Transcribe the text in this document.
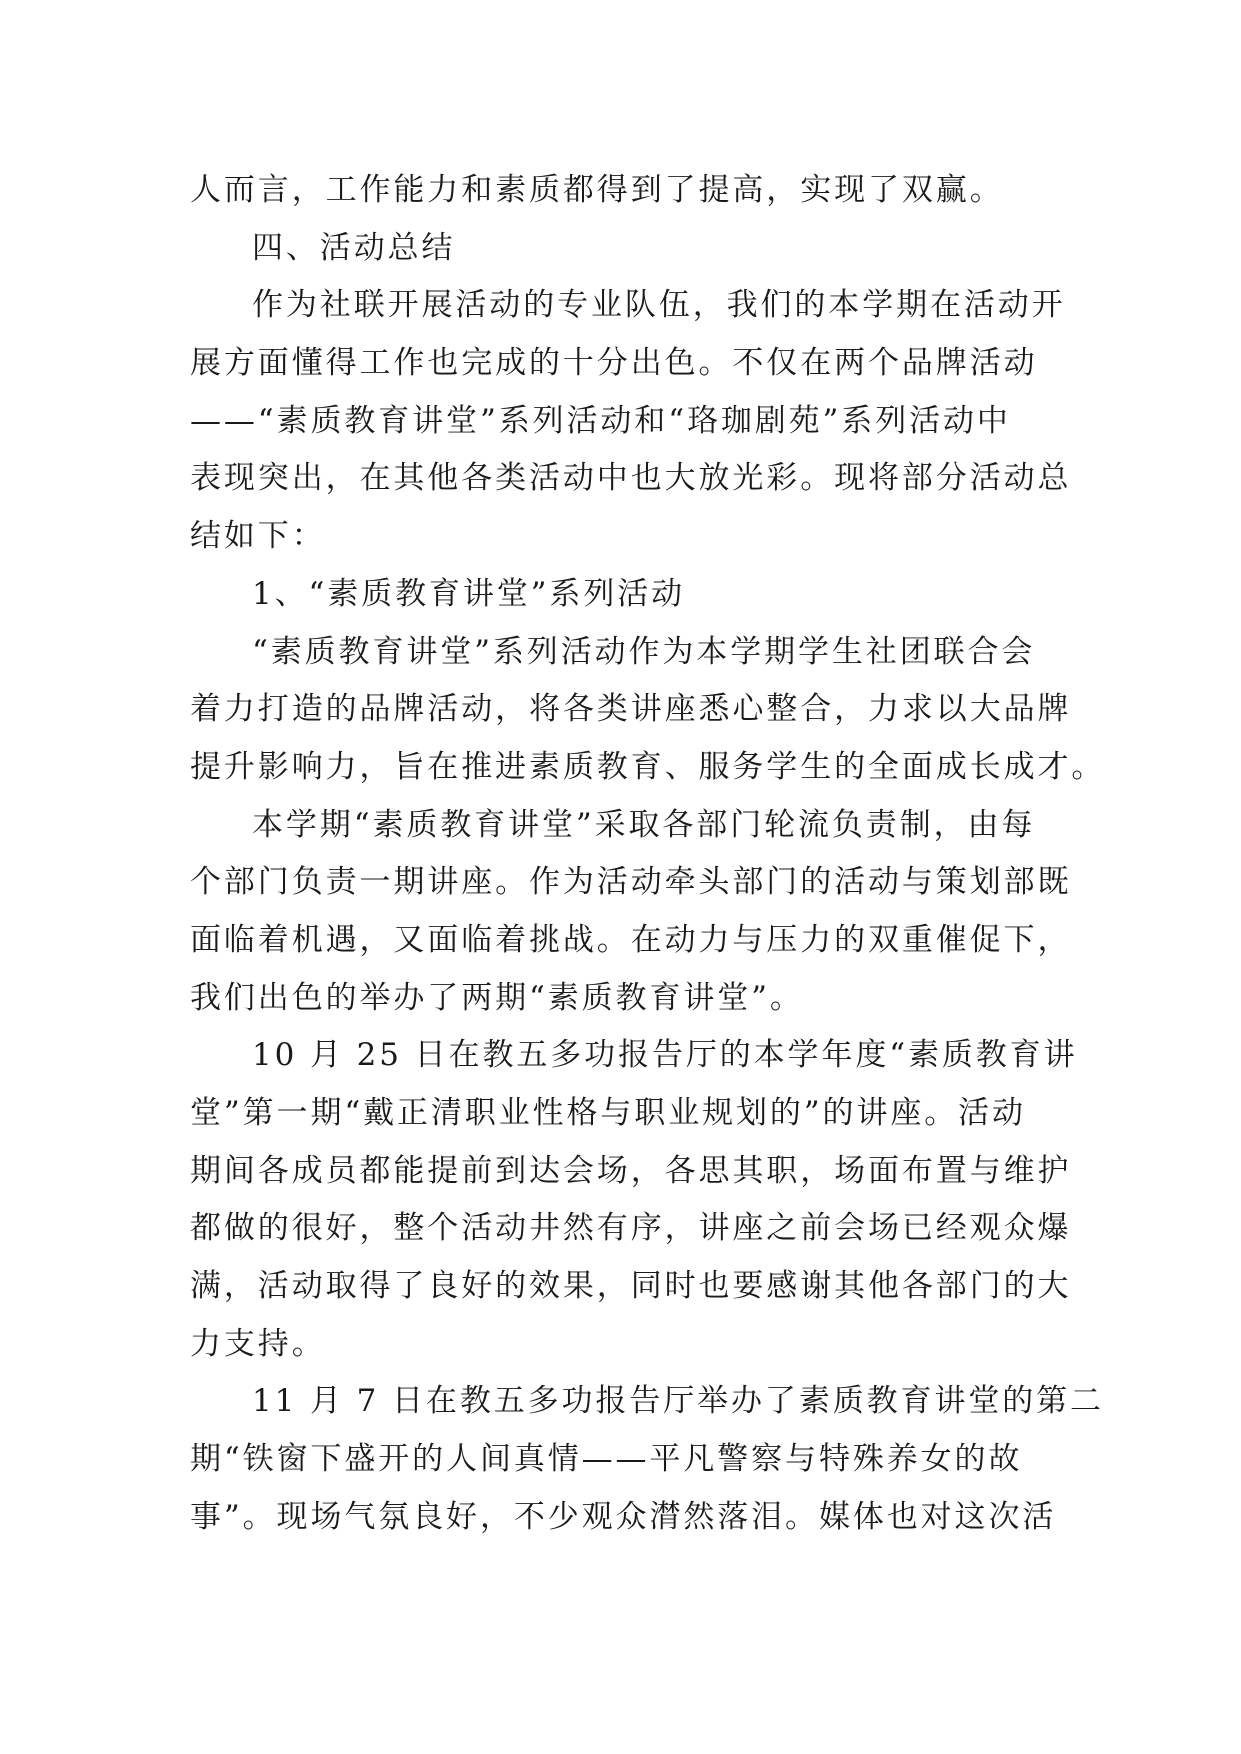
人而言，工作能力和素质都得到了提高，实现了双赢。
四、活动总结
作为社联开展活动的专业队伍，我们的本学期在活动开
展方面懂得工作也完成的十分出色。不仅在两个品牌活动
——“素质教育讲堂”系列活动和“珞珈剧苑”系列活动中
表现突出，在其他各类活动中也大放光彩。现将部分活动总
结如下：
1、“素质教育讲堂”系列活动
“素质教育讲堂”系列活动作为本学期学生社团联合会
着力打造的品牌活动，将各类讲座悉心整合，力求以大品牌
提升影响力，旨在推进素质教育、服务学生的全面成长成才。
本学期“素质教育讲堂”采取各部门轮流负责制，由每
个部门负责一期讲座。作为活动牵头部门的活动与策划部既
面临着机遇，又面临着挑战。在动力与压力的双重催促下，
我们出色的举办了两期“素质教育讲堂”。
10 月 25 日在教五多功报告厅的本学年度“素质教育讲
堂”第一期“戴正清职业性格与职业规划的”的讲座。活动
期间各成员都能提前到达会场，各思其职，场面布置与维护
都做的很好，整个活动井然有序，讲座之前会场已经观众爆
满，活动取得了良好的效果，同时也要感谢其他各部门的大
力支持。
11 月 7 日在教五多功报告厅举办了素质教育讲堂的第二
期“铁窗下盛开的人间真情——平凡警察与特殊养女的故
事”。现场气氛良好，不少观众潸然落泪。媒体也对这次活
